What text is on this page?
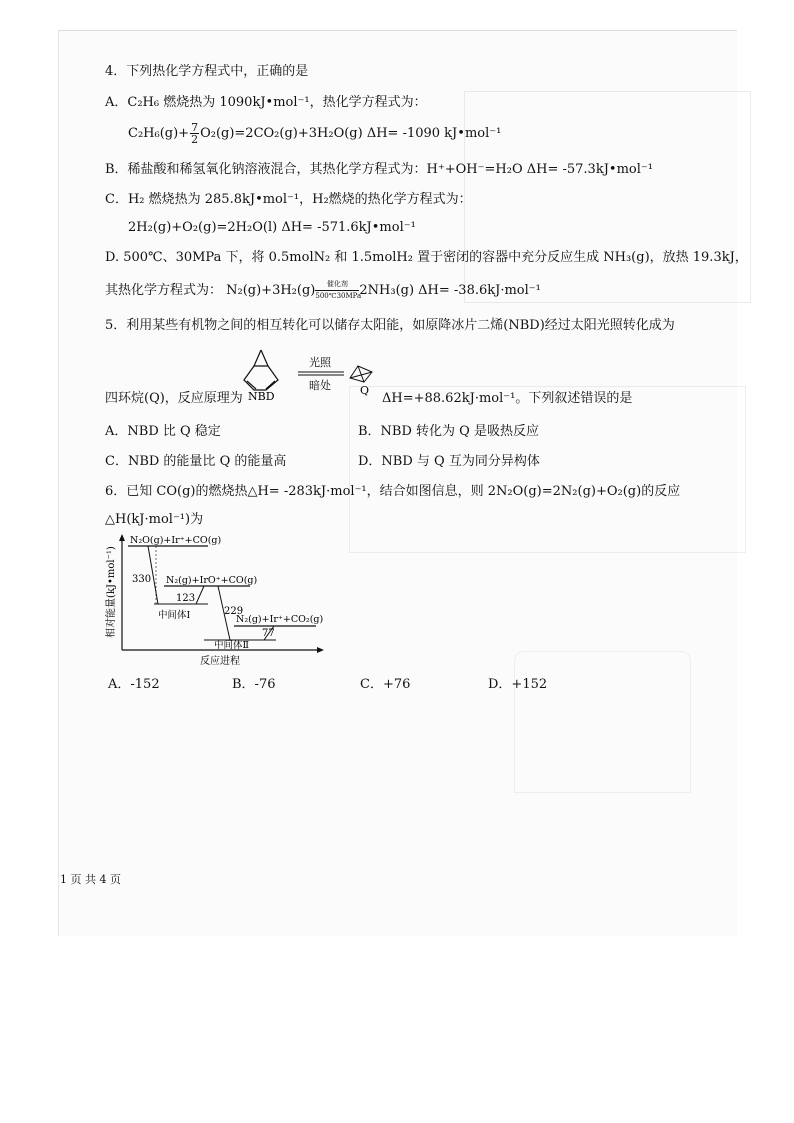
4．下列热化学方程式中，正确的是
A．C₂H₆ 燃烧热为 1090kJ•mol⁻¹，热化学方程式为：
$C_2H_6(g)+ \frac{7}{2} O_2(g)=2CO_2(g)+3H_2O(g)$ ΔH= -1090 kJ•mol⁻¹
B．稀盐酸和稀氢氧化钠溶液混合，其热化学方程式为：H⁺+OH⁻=H₂O ΔH= -57.3kJ•mol⁻¹
C．H₂ 燃烧热为 285.8kJ•mol⁻¹，H₂燃烧的热化学方程式为：
2H₂(g)+O₂(g)=2H₂O(l) ΔH= -571.6kJ•mol⁻¹
D. 500℃、30MPa 下，将 0.5molN₂ 和 1.5molH₂ 置于密闭的容器中充分反应生成 NH₃(g)，放热 19.3kJ，
其热化学方程式为： N₂(g)+3H₂(g) 催化剂
500℃30MPa2NH₃(g) ΔH= -38.6kJ·mol⁻¹
5．利用某些有机物之间的相互转化可以储存太阳能，如原降冰片二烯(NBD)经过太阳光照转化成为
NBD
光照
暗处	Q
四环烷(Q)，反应原理为	ΔH=+88.62kJ·mol⁻¹。下列叙述错误的是
A．NBD 比 Q 稳定	B．NBD 转化为 Q 是吸热反应
C．NBD 的能量比 Q 的能量高	D．NBD 与 Q 互为同分异构体
6．已知 CO(g)的燃烧热△H= -283kJ·mol⁻¹，结合如图信息，则 2N₂O(g)=2N₂(g)+O₂(g)的反应
△H(kJ·mol⁻¹)为
相对能量(kJ•mol⁻¹)
反应进程
N₂O(g)+Ir⁺+CO(g)
330
中间体Ⅰ
N₂(g)+IrO⁺+CO(g)
123
229
中间体Ⅱ
N₂(g)+Ir⁺+CO₂(g)
77
A．-152	B．-76	C．+76	D．+152
1 页 共 4 页
